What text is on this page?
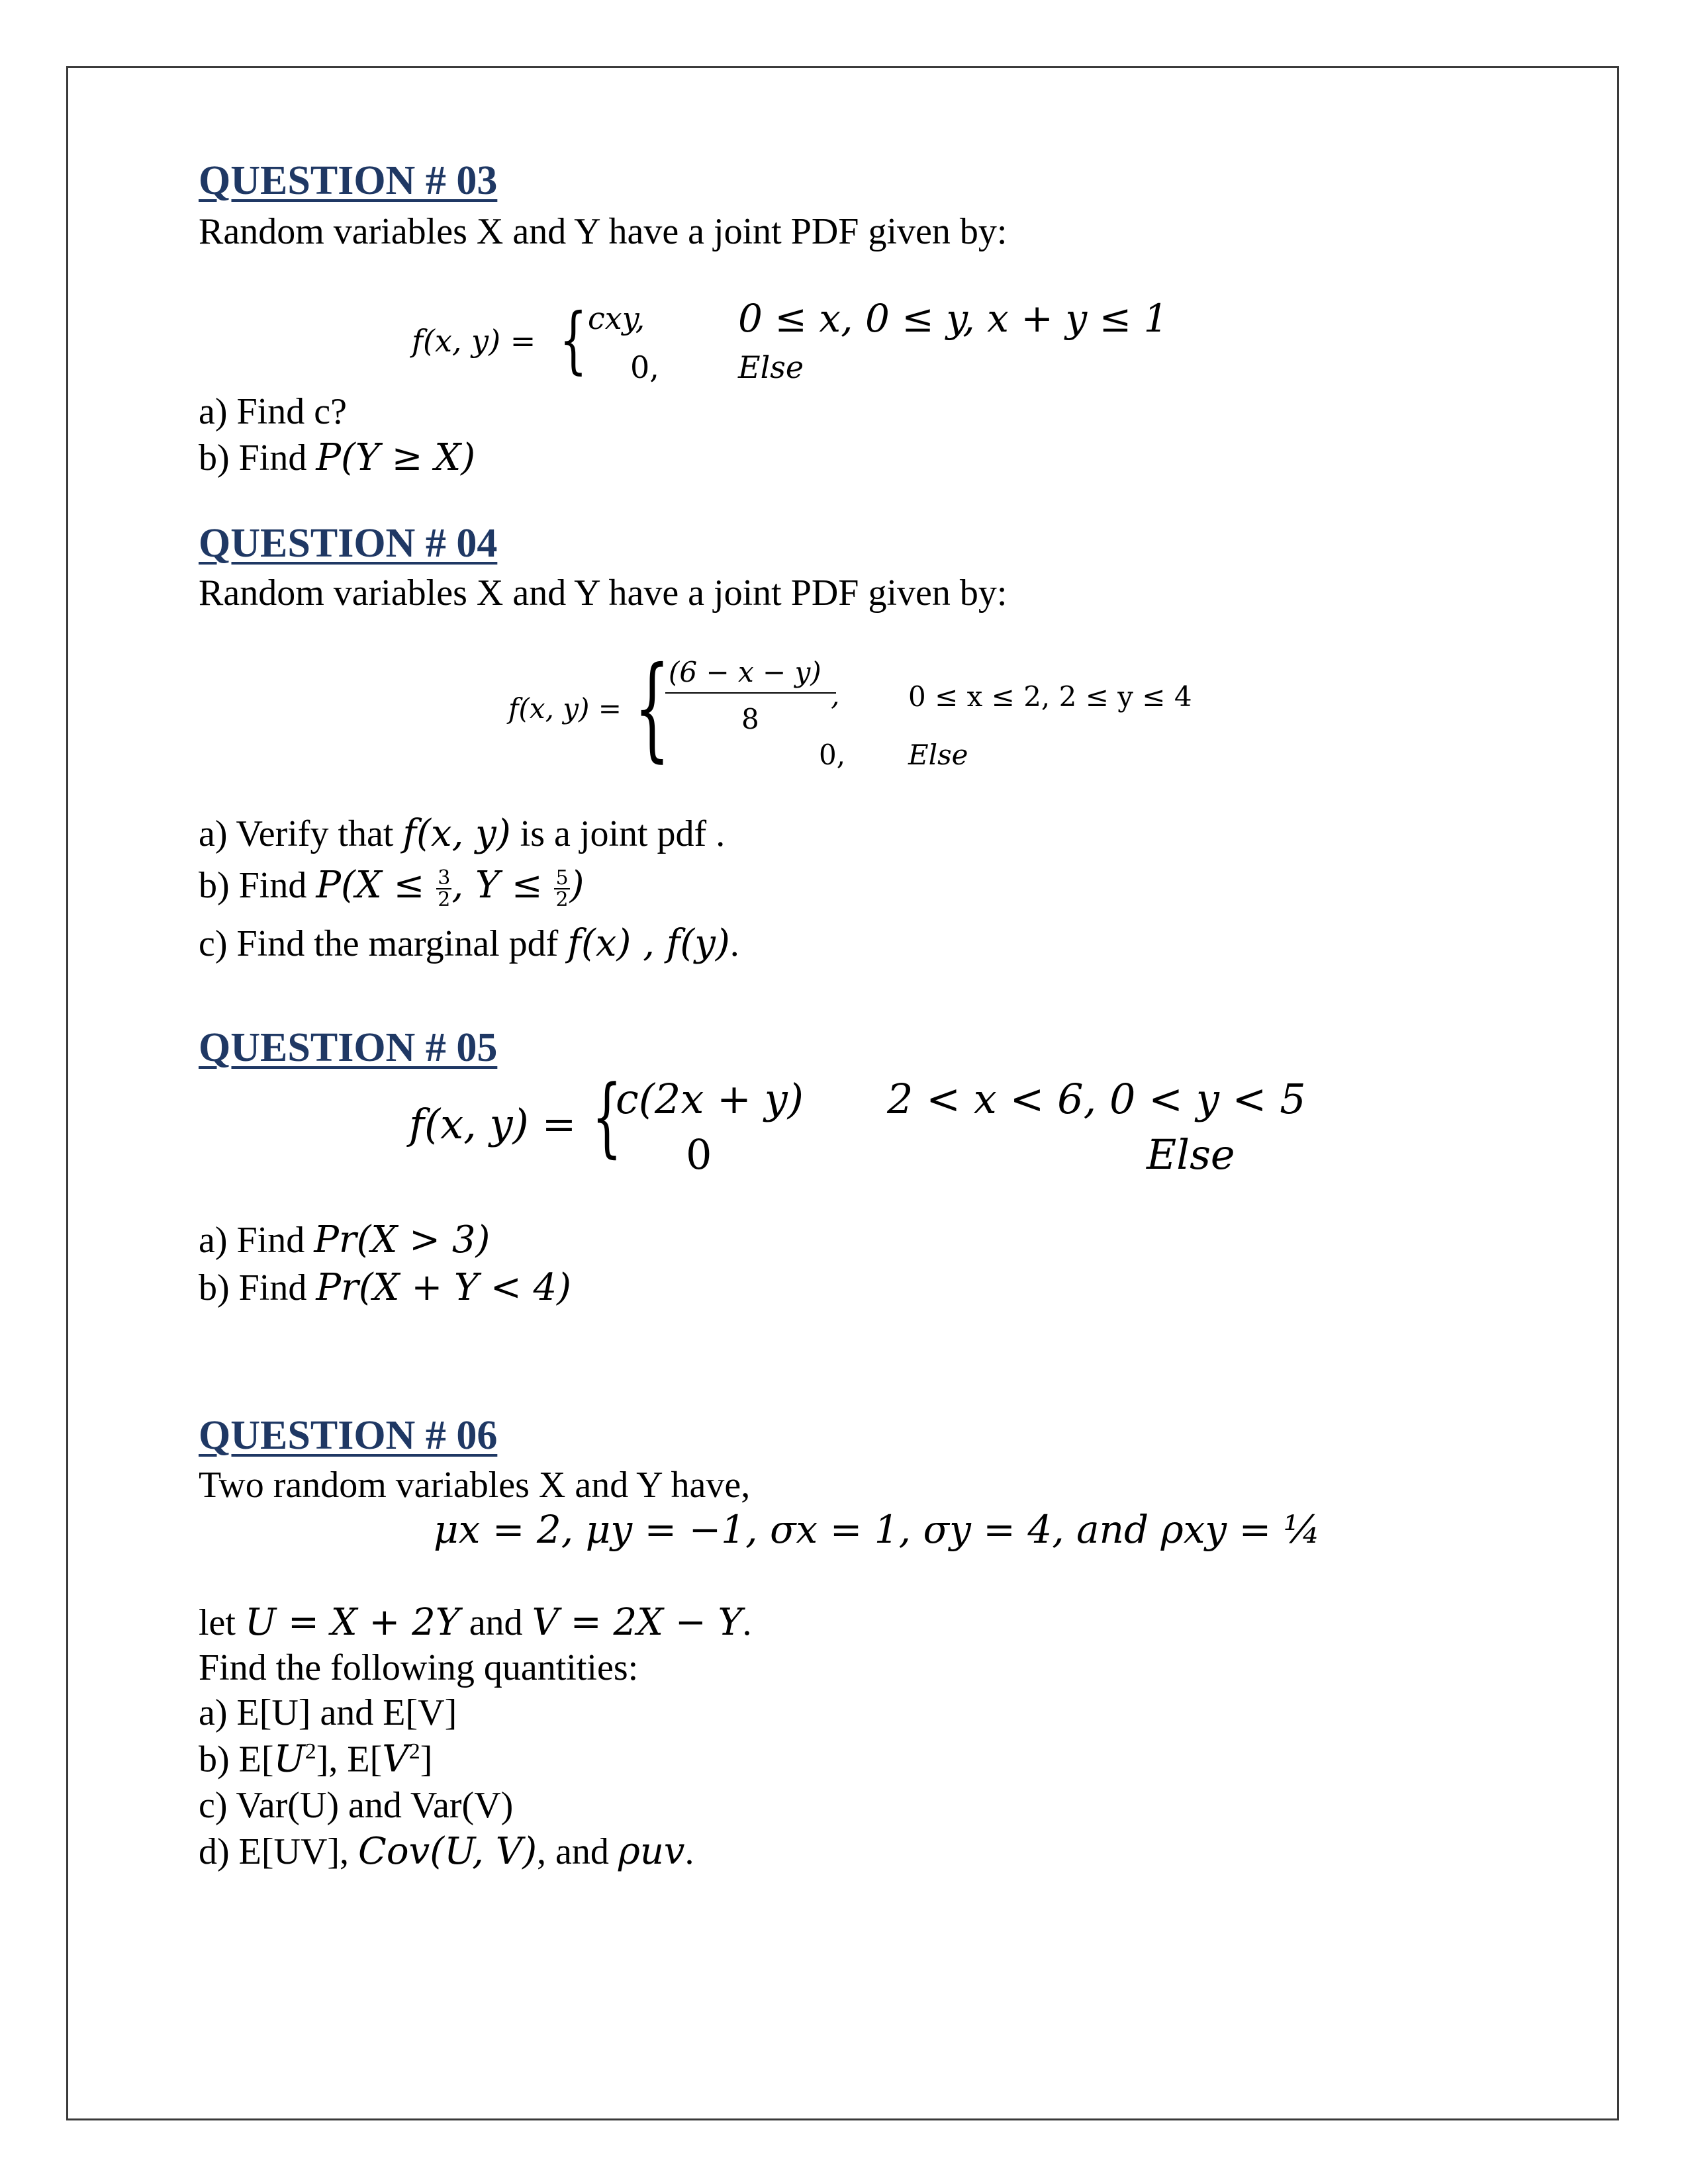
QUESTION # 03
Random variables X and Y have a joint PDF given by:
f(x, y) = { cxy,
0,
0 ≤ x, 0 ≤ y, x + y ≤ 1
Else
a) Find c?
b) Find P(Y ≥ X)
QUESTION # 04
Random variables X and Y have a joint PDF given by:
f(x, y) = {
(6 − x − y)
8
,
0,
0 ≤ x ≤ 2, 2 ≤ y ≤ 4
Else
a) Verify that f(x, y) is a joint pdf .
b) Find $P(X \le \frac{3}{2}$ , $Y \le \frac{5}{2}$ )
c) Find the marginal pdf f(x) , f(y).
QUESTION # 05
f(x, y) = {
c(2x + y)
0
2 < x < 6, 0 < y < 5
Else
a) Find Pr(X > 3)
b) Find Pr(X + Y < 4)
QUESTION # 06
Two random variables X and Y have,
μx = 2, μy = −1, σx = 1, σy = 4, and ρxy = ¼
let U = X + 2Y and V = 2X − Y.
Find the following quantities:
a) E[U] and E[V]
b) $E[U^2]$, $E[V^2]$
c) Var(U) and Var(V)
d) E[UV], Cov(U, V), and ρuv.
